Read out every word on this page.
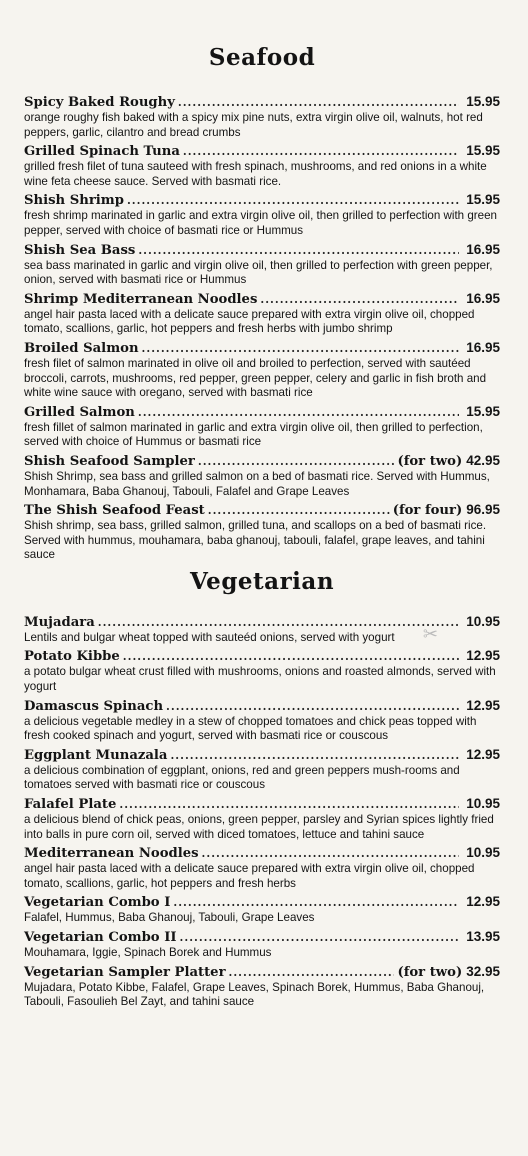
Seafood
Spicy Baked Roughy .....	15.95

orange roughy fish baked with a spicy mix pine nuts, extra virgin olive oil, walnuts, hot red peppers, garlic, cilantro and bread crumbs

Grilled Spinach Tuna .....	15.95

grilled fresh filet of tuna sauteed with fresh spinach, mushrooms, and red onions in a white wine feta cheese sauce. Served with basmati rice.

Shish Shrimp .....	15.95

fresh shrimp marinated in garlic and extra virgin olive oil, then grilled to perfection with green pepper, served with choice of basmati rice or Hummus

Shish Sea Bass .....	16.95

sea bass marinated in garlic and virgin olive oil, then grilled to perfection with green pepper, onion, served with basmati rice or Hummus

Shrimp Mediterranean Noodles .....	16.95

angel hair pasta laced with a delicate sauce prepared with extra virgin olive oil, chopped tomato, scallions, garlic, hot peppers and fresh herbs with jumbo shrimp

Broiled Salmon .....	16.95

fresh filet of salmon marinated in olive oil and broiled to perfection, served with sautéed broccoli, carrots, mushrooms, red pepper, green pepper, celery and garlic in fish broth and white wine sauce with oregano, served with basmati rice

Grilled Salmon .....	15.95

fresh fillet of salmon marinated in garlic and extra virgin olive oil, then grilled to perfection, served with choice of Hummus or basmati rice

Shish Seafood Sampler .....	(for two) 42.95

Shish Shrimp, sea bass and grilled salmon on a bed of basmati rice. Served with Hummus, Monhamara, Baba Ghanouj, Tabouli, Falafel and Grape Leaves

The Shish Seafood Feast .....	(for four) 96.95

Shish shrimp, sea bass, grilled salmon, grilled tuna, and scallops on a bed of basmati rice. Served with hummus, mouhamara, baba ghanouj, tabouli, falafel, grape leaves, and tahini sauce

Vegetarian
✂
Mujadara .....	10.95

Lentils and bulgar wheat topped with sauteéd onions, served with yogurt

Potato Kibbe .....	12.95

a potato bulgar wheat crust filled with mushrooms, onions and roasted almonds, served with yogurt

Damascus Spinach .....	12.95

a delicious vegetable medley in a stew of chopped tomatoes and chick peas topped with fresh cooked spinach and yogurt, served with basmati rice or couscous

Eggplant Munazala .....	12.95

a delicious combination of eggplant, onions, red and green peppers mush-rooms and tomatoes served with basmati rice or couscous

Falafel Plate .....	10.95

a delicious blend of chick peas, onions, green pepper, parsley and Syrian spices lightly fried into balls in pure corn oil, served with diced tomatoes, lettuce and tahini sauce

Mediterranean Noodles .....	10.95

angel hair pasta laced with a delicate sauce prepared with extra virgin olive oil, chopped tomato, scallions, garlic, hot peppers and fresh herbs

Vegetarian Combo I .....	12.95

Falafel, Hummus, Baba Ghanouj, Tabouli, Grape Leaves

Vegetarian Combo II .....	13.95

Mouhamara, Iggie, Spinach Borek and Hummus

Vegetarian Sampler Platter .....	(for two) 32.95

Mujadara, Potato Kibbe, Falafel, Grape Leaves, Spinach Borek, Hummus, Baba Ghanouj, Tabouli, Fasoulieh Bel Zayt, and tahini sauce
